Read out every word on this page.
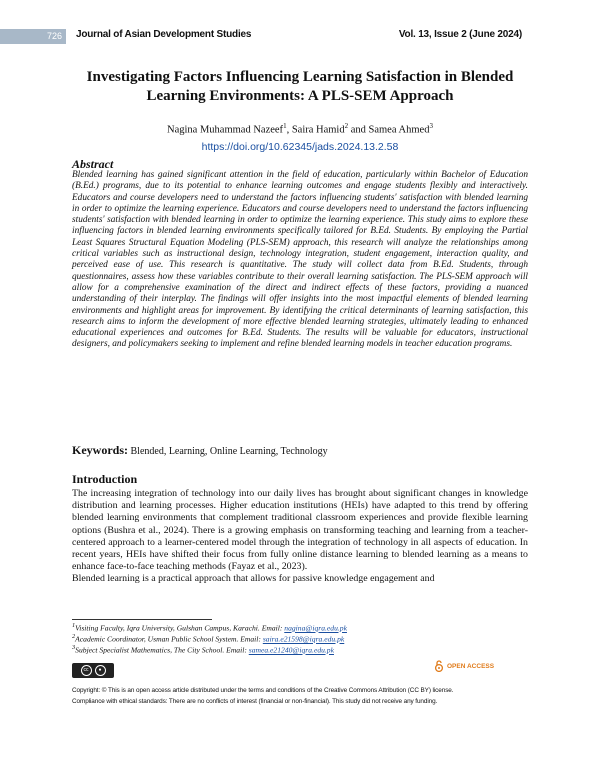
726	Journal of Asian Development Studies	Vol. 13, Issue 2 (June 2024)
Investigating Factors Influencing Learning Satisfaction in Blended Learning Environments: A PLS-SEM Approach
Nagina Muhammad Nazeef$^1$, Saira Hamid$^2$ and Samea Ahmed$^3$
https://doi.org/10.62345/jads.2024.13.2.58
Abstract

Blended learning has gained significant attention in the field of education, particularly within Bachelor of Education (B.Ed.) programs, due to its potential to enhance learning outcomes and engage students flexibly and interactively. Educators and course developers need to understand the factors influencing students' satisfaction with blended learning in order to optimize the learning experience. Educators and course developers need to understand the factors influencing students' satisfaction with blended learning in order to optimize the learning experience. This study aims to explore these influencing factors in blended learning environments specifically tailored for B.Ed. Students. By employing the Partial Least Squares Structural Equation Modeling (PLS-SEM) approach, this research will analyze the relationships among critical variables such as instructional design, technology integration, student engagement, interaction quality, and perceived ease of use. This research is quantitative. The study will collect data from B.Ed. Students, through questionnaires, assess how these variables contribute to their overall learning satisfaction. The PLS-SEM approach will allow for a comprehensive examination of the direct and indirect effects of these factors, providing a nuanced understanding of their interplay. The findings will offer insights into the most impactful elements of blended learning environments and highlight areas for improvement. By identifying the critical determinants of learning satisfaction, this research aims to inform the development of more effective blended learning strategies, ultimately leading to enhanced educational experiences and outcomes for B.Ed. Students. The results will be valuable for educators, instructional designers, and policymakers seeking to implement and refine blended learning models in teacher education programs.

Keywords: Blended, Learning, Online Learning, Technology
Introduction

The increasing integration of technology into our daily lives has brought about significant changes in knowledge distribution and learning processes. Higher education institutions (HEIs) have adapted to this trend by offering blended learning environments that complement traditional classroom experiences and provide flexible learning options (Bushra et al., 2024). There is a growing emphasis on transforming teaching and learning from a teacher-centered approach to a learner-centered model through the integration of technology in all aspects of education. In recent years, HEIs have shifted their focus from fully online distance learning to blended learning as a means to enhance face-to-face teaching methods (Fayaz et al., 2023).

Blended learning is a practical approach that allows for passive knowledge engagement and

$^1$Visiting Faculty, Iqra University, Gulshan Campus, Karachi. Email: nagina@iqra.edu.pk
$^2$Academic Coordinator, Usman Public School System. Email: saira.e21598@iqra.edu.pk
$^3$Subject Specialist Mathematics, The City School. Email: samea.e21240@iqra.edu.pk
cc	●
OPEN ACCESS
Copyright: © This is an open access article distributed under the terms and conditions of the Creative Commons Attribution (CC BY) license.
Compliance with ethical standards: There are no conflicts of interest (financial or non-financial). This study did not receive any funding.
